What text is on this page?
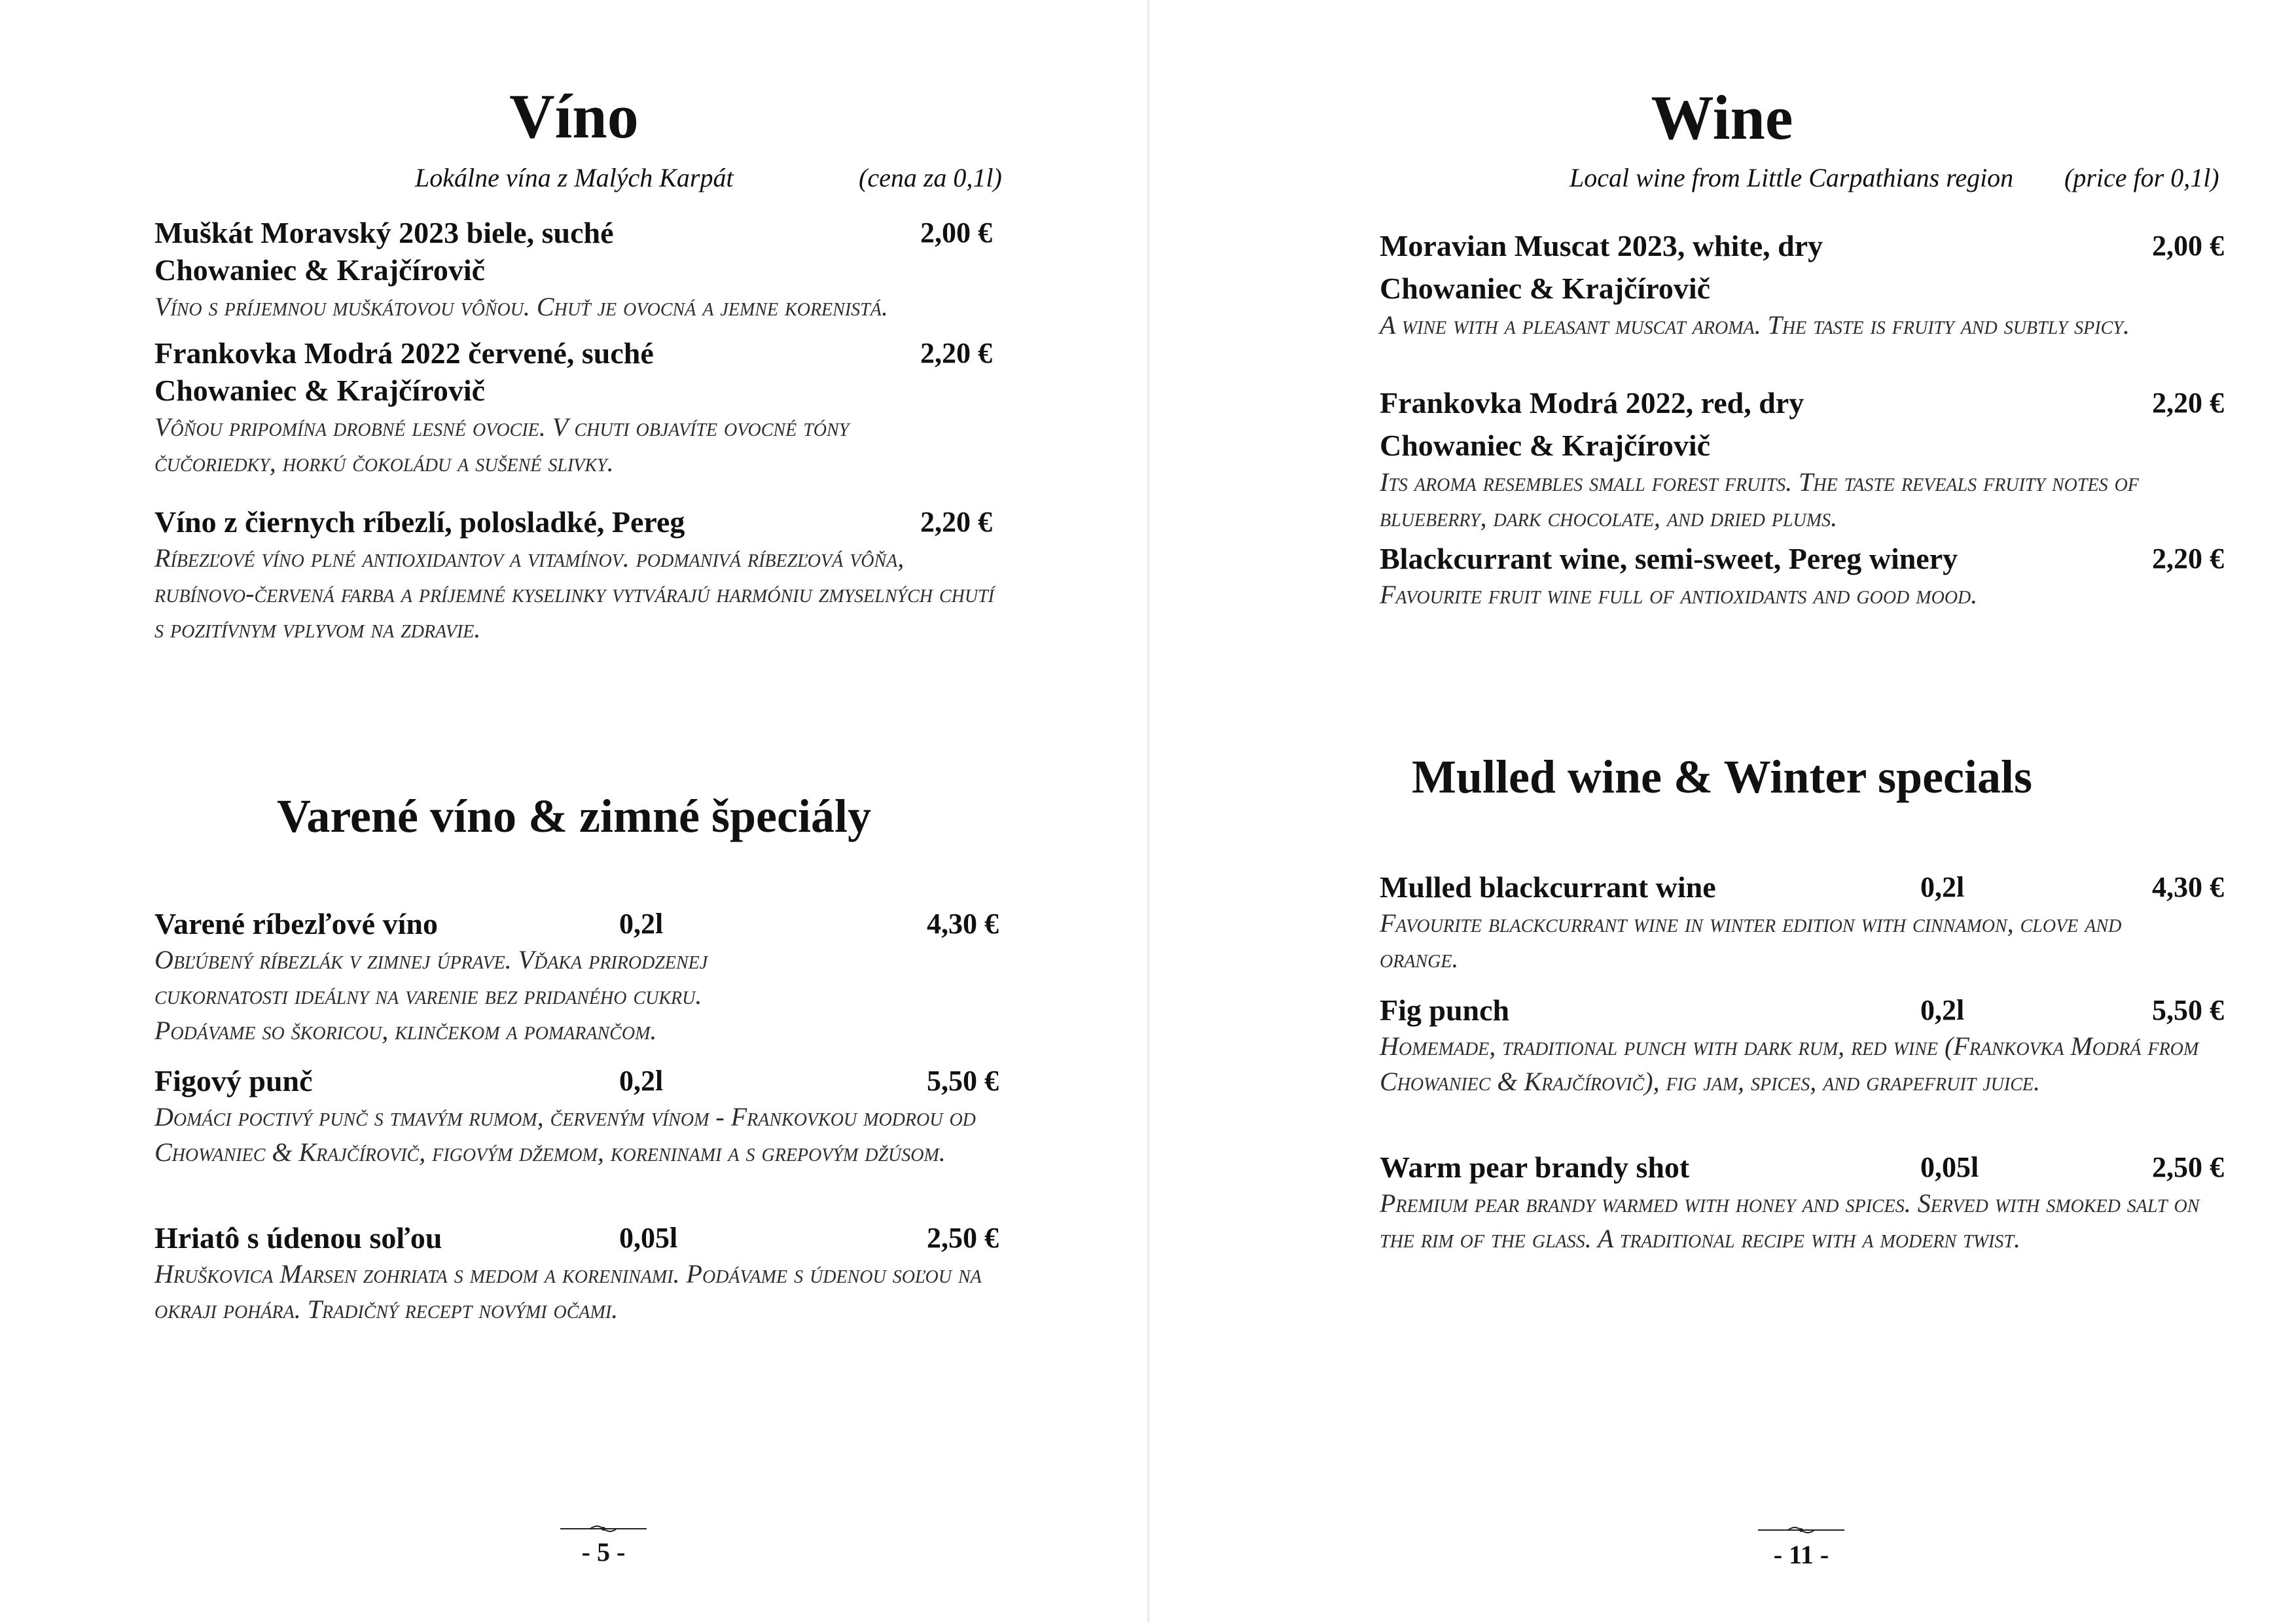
Víno
Lokálne vína z Malých Karpát	(cena za 0,1l)
Muškát Moravský 2023 biele, suché	2,00 €
Chowaniec & Krajčírovič
Víno s príjemnou muškátovou vôňou. Chuť je ovocná a jemne korenistá.
Frankovka Modrá 2022 červené, suché	2,20 €
Chowaniec & Krajčírovič
Vôňou pripomína drobné lesné ovocie. V chuti objavíte ovocné tóny čučoriedky, horkú čokoládu a sušené slivky.
Víno z čiernych ríbezlí, polosladké, Pereg	2,20 €
Ríbezľové víno plné antioxidantov a vitamínov. podmanivá ríbezľová vôňa, rubínovo-červená farba a príjemné kyselinky vytvárajú harmóniu zmyselných chutí s pozitívnym vplyvom na zdravie.
Varené víno & zimné špeciály
Varené ríbezľové víno	0,2l	4,30 €
Obľúbený ríbezlák v zimnej úprave. Vďaka prirodzenej cukornatosti ideálny na varenie bez pridaného cukru. Podávame so škoricou, klinčekom a pomarančom.
Figový punč	0,2l	5,50 €
Domáci poctivý punč s tmavým rumom, červeným vínom - Frankovkou modrou od Chowaniec & Krajčírovič, figovým džemom, koreninami a s grepovým džúsom.
Hriatô s údenou soľou	0,05l	2,50 €
Hruškovica Marsen zohriata s medom a koreninami. Podávame s údenou soľou na okraji pohára. Tradičný recept novými očami.
- 5 -
Wine
Local wine from Little Carpathians region (price for 0,1l)
Moravian Muscat 2023, white, dry	2,00 €
Chowaniec & Krajčírovič
A wine with a pleasant muscat aroma. The taste is fruity and subtly spicy.
Frankovka Modrá 2022, red, dry	2,20 €
Chowaniec & Krajčírovič
Its aroma resembles small forest fruits. The taste reveals fruity notes of blueberry, dark chocolate, and dried plums.
Blackcurrant wine, semi-sweet, Pereg winery	2,20 €
Favourite fruit wine full of antioxidants and good mood.
Mulled wine & Winter specials
Mulled blackcurrant wine	0,2l	4,30 €
Favourite blackcurrant wine in winter edition with cinnamon, clove and orange.
Fig punch	0,2l	5,50 €
Homemade, traditional punch with dark rum, red wine (Frankovka Modrá from Chowaniec & Krajčírovič), fig jam, spices, and grapefruit juice.
Warm pear brandy shot	0,05l	2,50 €
Premium pear brandy warmed with honey and spices. Served with smoked salt on the rim of the glass. A traditional recipe with a modern twist.
- 11 -
